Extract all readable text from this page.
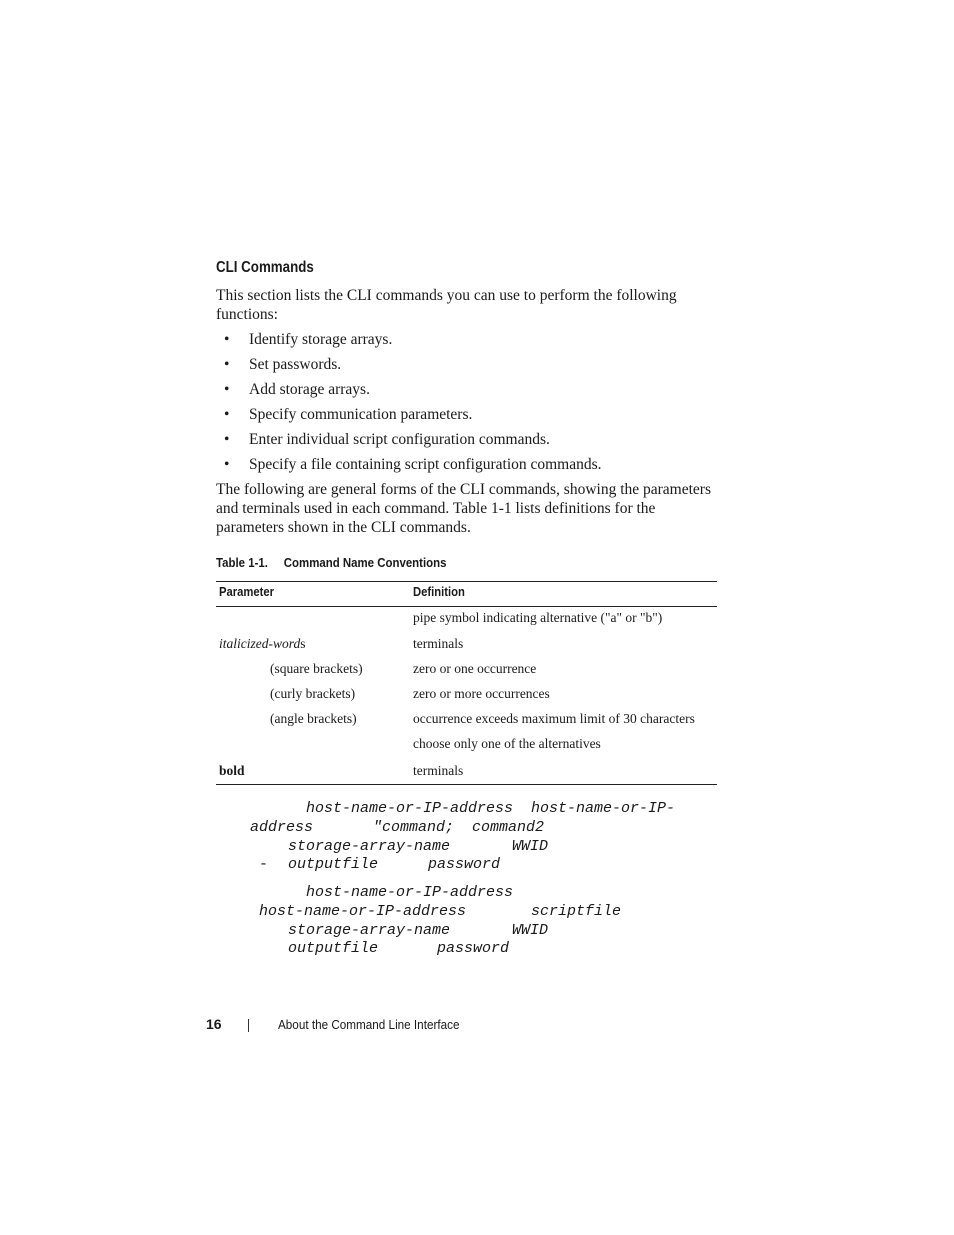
CLI Commands
This section lists the CLI commands you can use to perform the following functions:
• Identify storage arrays.
• Set passwords.
• Add storage arrays.
• Specify communication parameters.
• Enter individual script configuration commands.
• Specify a file containing script configuration commands.
The following are general forms of the CLI commands, showing the parameters and terminals used in each command. Table 1-1 lists definitions for the parameters shown in the CLI commands.
Table 1-1. Command Name Conventions
Parameter	Definition
pipe symbol indicating alternative ("a" or "b")
italicized-words	terminals
(square brackets)	zero or one occurrence
(curly brackets)	zero or more occurrences
(angle brackets)	occurrence exceeds maximum limit of 30 characters
choose only one of the alternatives
bold	terminals
host-name-or-IP-address  host-name-or-IP-
address	"command;  command2
storage-array-name	WWID
- outputfile	password
host-name-or-IP-address
host-name-or-IP-address	scriptfile
storage-array-name	WWID
outputfile	password
16	About the Command Line Interface
